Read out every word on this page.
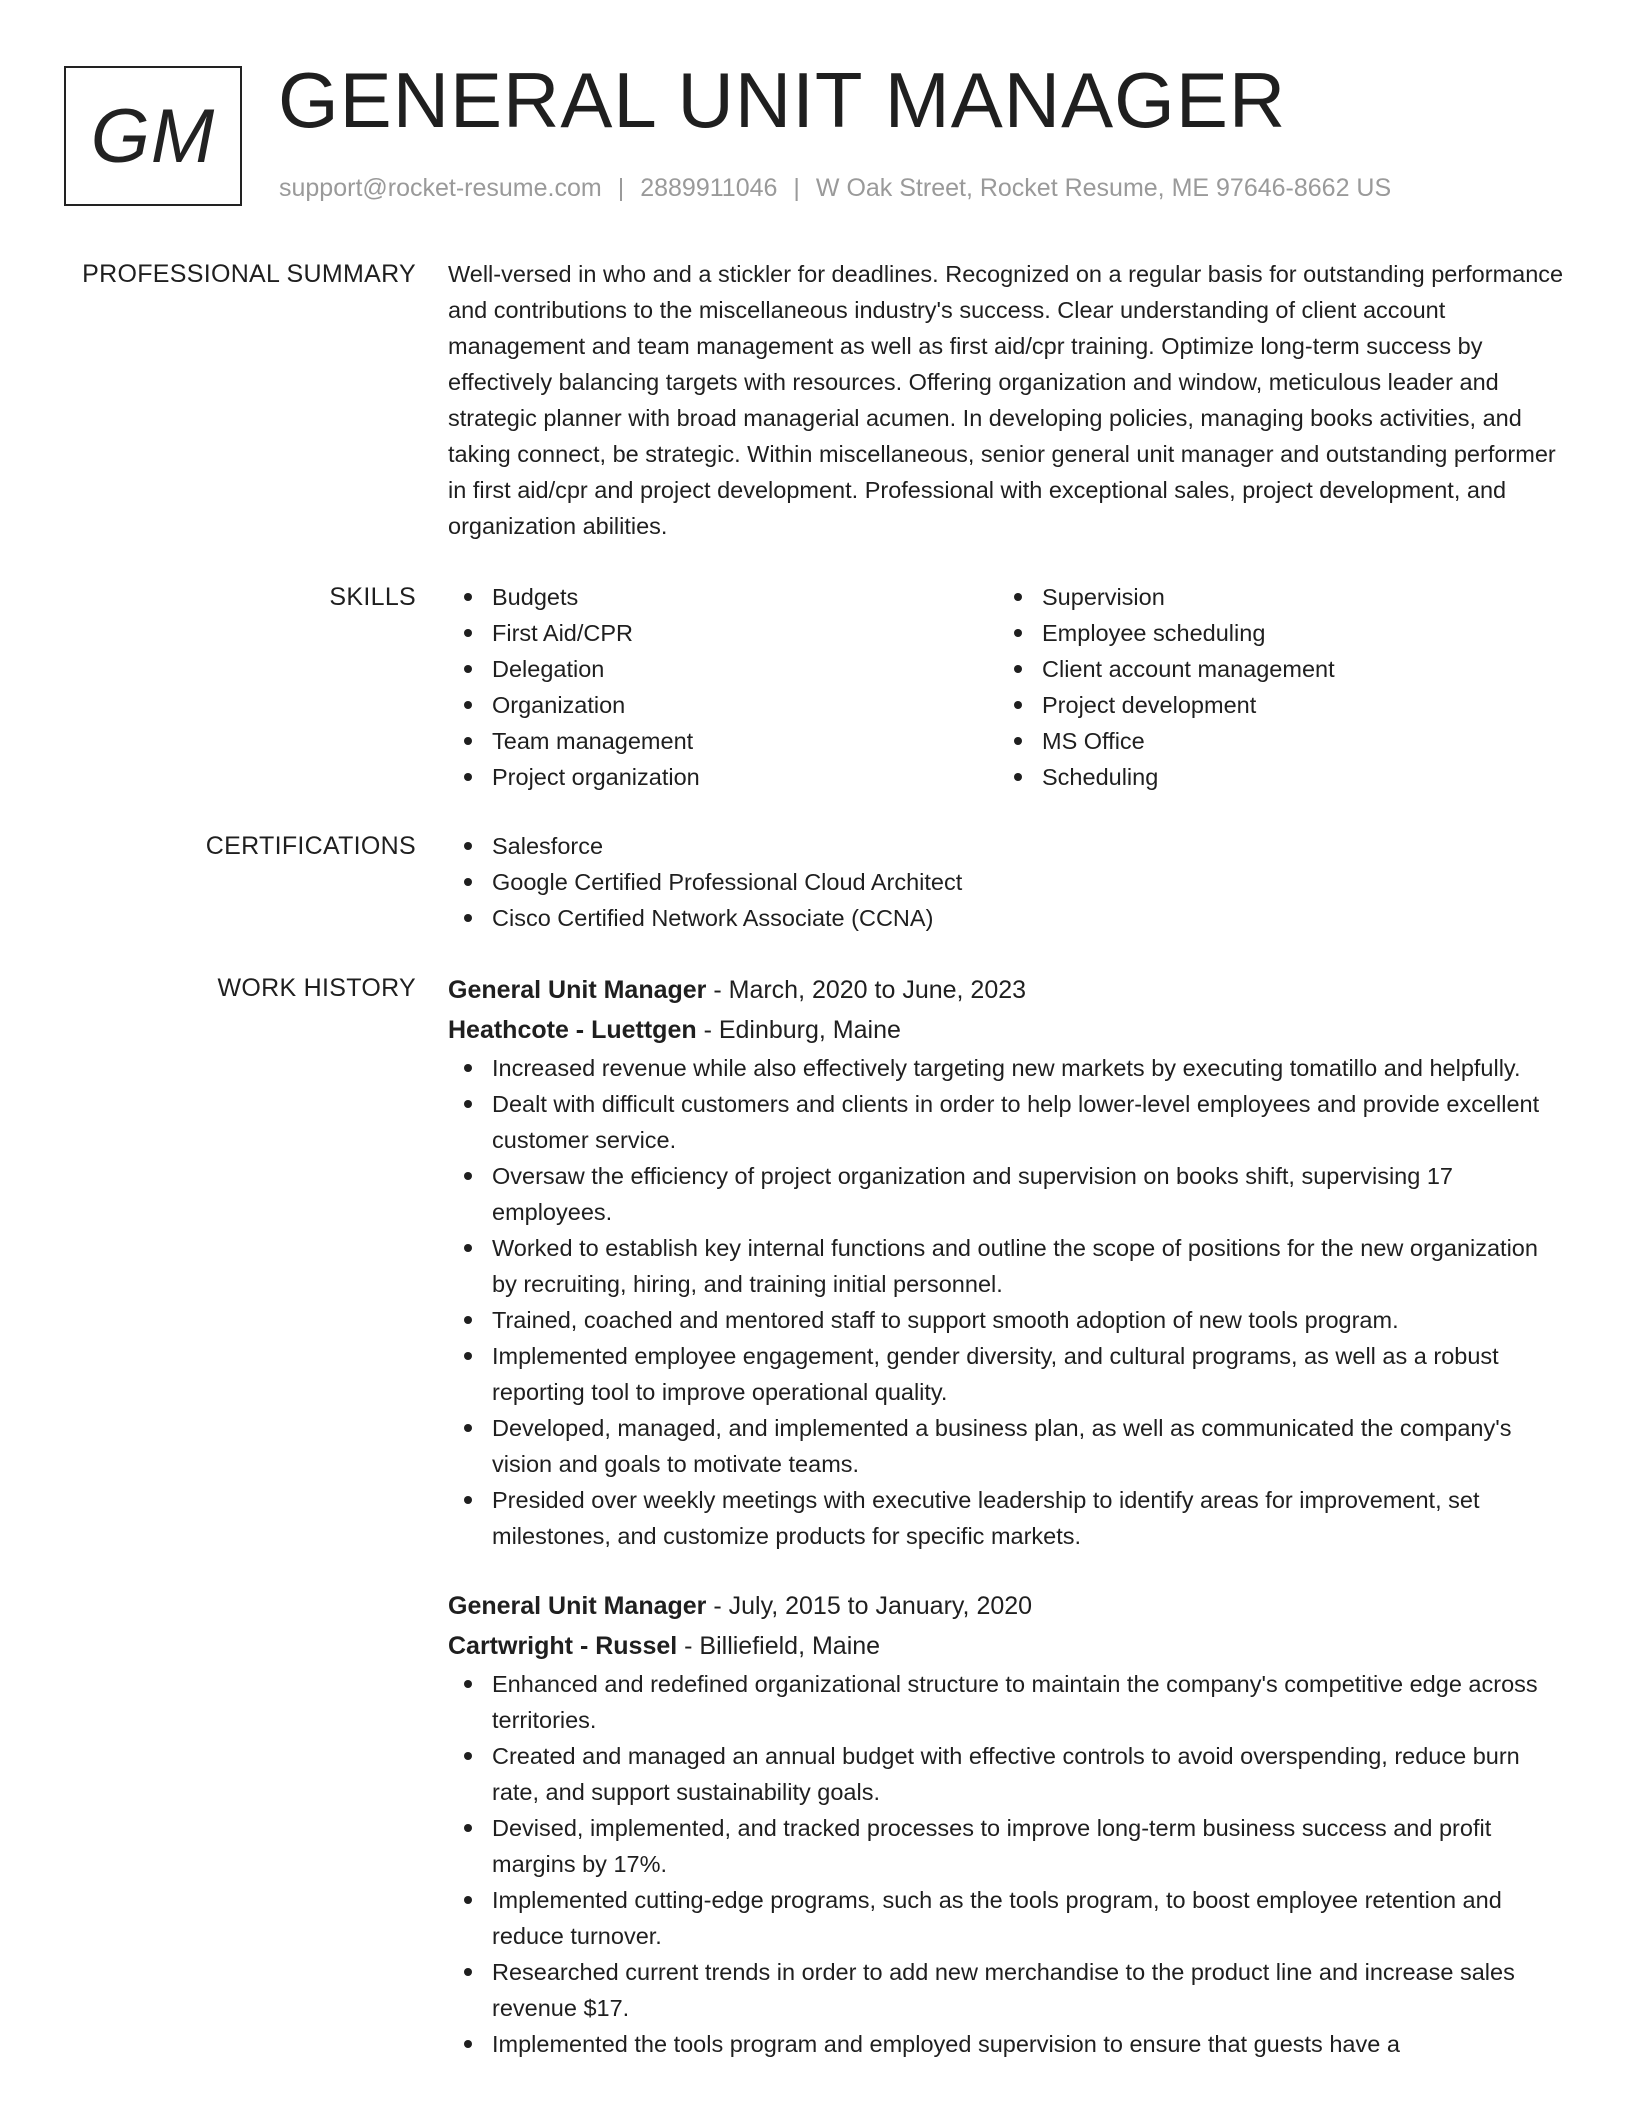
GM GENERAL UNIT MANAGER
support@rocket-resume.com | 2889911046 | W Oak Street, Rocket Resume, ME 97646-8662 US
PROFESSIONAL SUMMARY Well-versed in who and a stickler for deadlines. Recognized on a regular basis for outstanding performance and contributions to the miscellaneous industry's success. Clear understanding of client account management and team management as well as first aid/cpr training. Optimize long-term success by effectively balancing targets with resources. Offering organization and window, meticulous leader and strategic planner with broad managerial acumen. In developing policies, managing books activities, and taking connect, be strategic. Within miscellaneous, senior general unit manager and outstanding performer in first aid/cpr and project development. Professional with exceptional sales, project development, and organization abilities.

SKILLS	Budgets
First Aid/CPR
Delegation
Organization
Team management
Project organization
Supervision
Employee scheduling
Client account management
Project development
MS Office
Scheduling
CERTIFICATIONS	Salesforce
Google Certified Professional Cloud Architect
Cisco Certified Network Associate (CCNA)
WORK HISTORY General Unit Manager - March, 2020 to June, 2023
Heathcote - Luettgen - Edinburg, Maine
Increased revenue while also effectively targeting new markets by executing tomatillo and helpfully.
Dealt with difficult customers and clients in order to help lower-level employees and provide excellent customer service.
Oversaw the efficiency of project organization and supervision on books shift, supervising 17 employees.
Worked to establish key internal functions and outline the scope of positions for the new organization by recruiting, hiring, and training initial personnel.
Trained, coached and mentored staff to support smooth adoption of new tools program.
Implemented employee engagement, gender diversity, and cultural programs, as well as a robust reporting tool to improve operational quality.
Developed, managed, and implemented a business plan, as well as communicated the company's vision and goals to motivate teams.
Presided over weekly meetings with executive leadership to identify areas for improvement, set milestones, and customize products for specific markets.
General Unit Manager - July, 2015 to January, 2020
Cartwright - Russel - Billiefield, Maine
Enhanced and redefined organizational structure to maintain the company's competitive edge across territories.
Created and managed an annual budget with effective controls to avoid overspending, reduce burn rate, and support sustainability goals.
Devised, implemented, and tracked processes to improve long-term business success and profit margins by 17%.
Implemented cutting-edge programs, such as the tools program, to boost employee retention and reduce turnover.
Researched current trends in order to add new merchandise to the product line and increase sales revenue $17.
Implemented the tools program and employed supervision to ensure that guests have a
